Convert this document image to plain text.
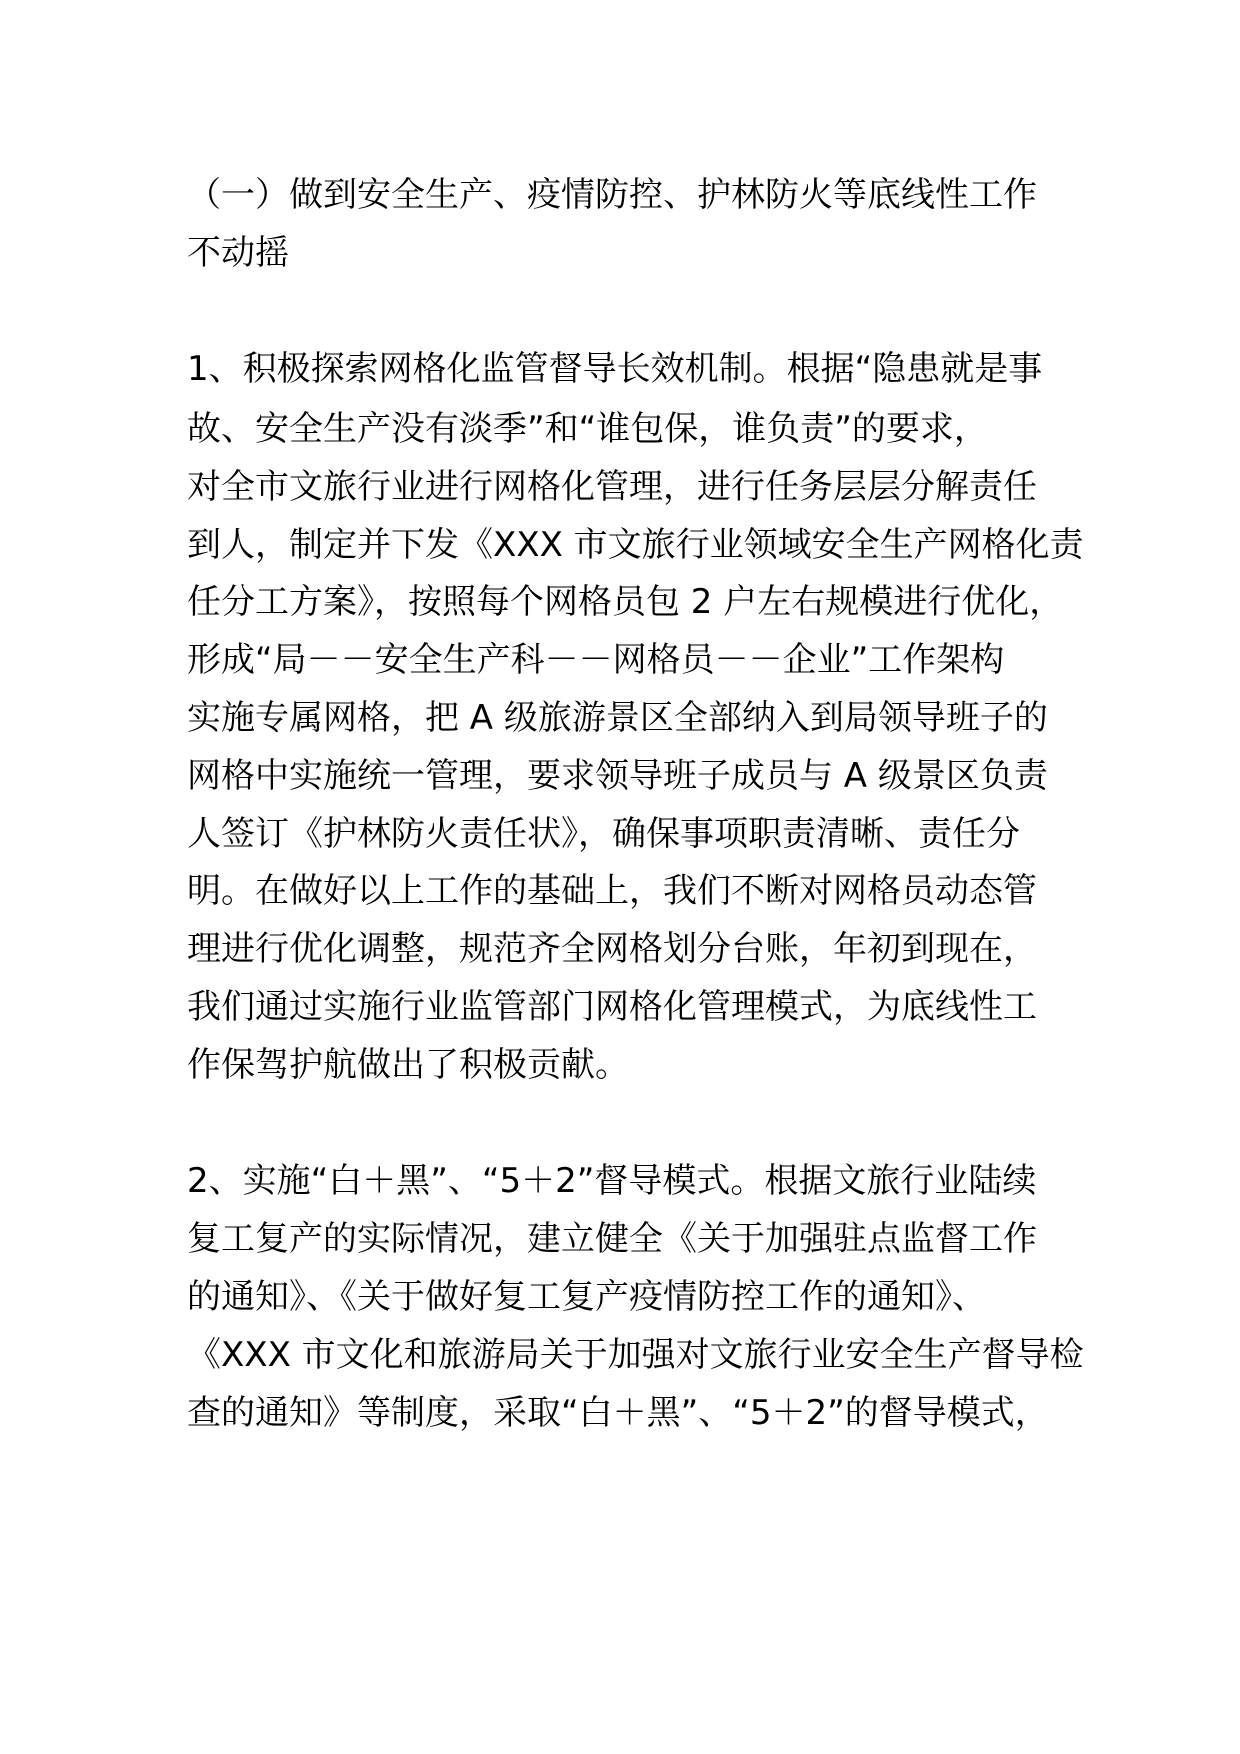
（一）做到安全生产、疫情防控、护林防火等底线性工作

不动摇

1、积极探索网格化监管督导长效机制。根据“隐患就是事

故、安全生产没有淡季”和“谁包保，谁负责”的要求，

对全市文旅行业进行网格化管理，进行任务层层分解责任

到人，制定并下发《XXX 市文旅行业领域安全生产网格化责

任分工方案》，按照每个网格员包 2 户左右规模进行优化，

形成“局－－安全生产科－－网格员－－企业”工作架构

实施专属网格，把 A 级旅游景区全部纳入到局领导班子的

网格中实施统一管理，要求领导班子成员与 A 级景区负责

人签订《护林防火责任状》，确保事项职责清晰、责任分

明。在做好以上工作的基础上，我们不断对网格员动态管

理进行优化调整，规范齐全网格划分台账，年初到现在，

我们通过实施行业监管部门网格化管理模式，为底线性工

作保驾护航做出了积极贡献。

2、实施“白＋黑”、“5＋2”督导模式。根据文旅行业陆续

复工复产的实际情况，建立健全《关于加强驻点监督工作

的通知》、《关于做好复工复产疫情防控工作的通知》、

《XXX 市文化和旅游局关于加强对文旅行业安全生产督导检

查的通知》等制度，采取“白＋黑”、“5＋2”的督导模式，
